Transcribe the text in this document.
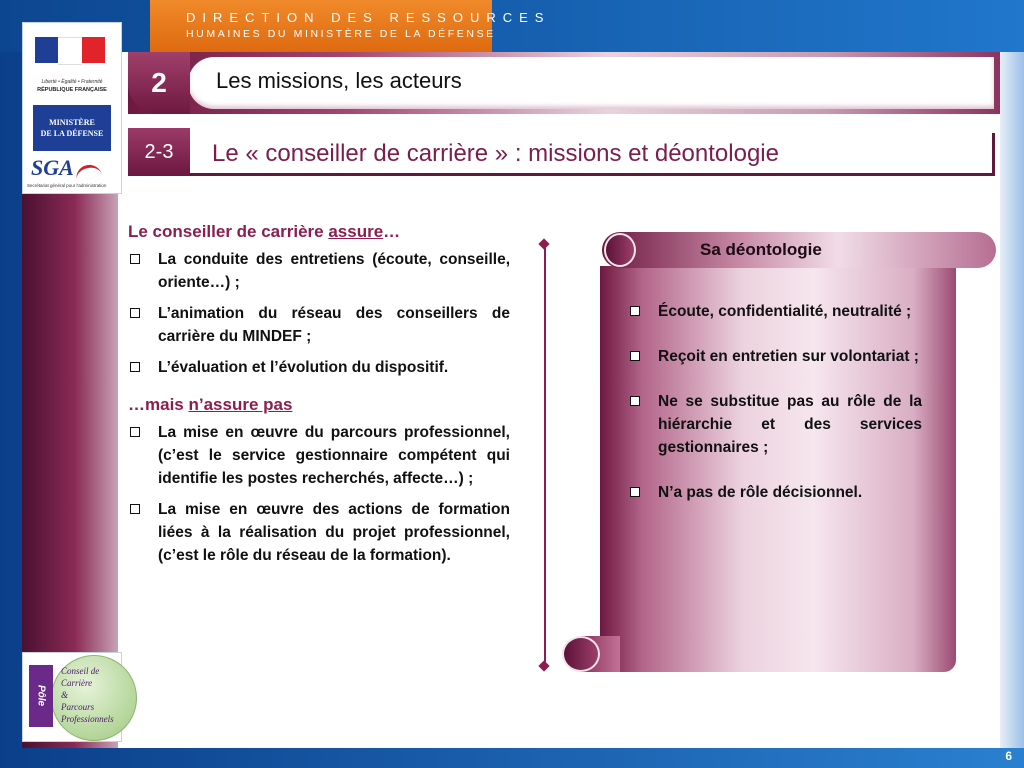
DIRECTION DES RESSOURCES
HUMAINES DU MINISTÈRE DE LA DÉFENSE
Liberté • Égalité • Fraternité
RÉPUBLIQUE FRANÇAISE
MINISTÈRE
DE LA DÉFENSE
SGA
Secrétariat général pour l'administration
2	Les missions, les acteurs
2-3	Le « conseiller de carrière » : missions et déontologie
Le conseiller de carrière assure…
La conduite des entretiens (écoute, conseille, oriente…) ;
L’animation du réseau des conseillers de carrière du MINDEF ;
L’évaluation et l’évolution du dispositif.
…mais n’assure pas
La mise en œuvre du parcours professionnel, (c’est le service gestionnaire compétent qui identifie les postes recherchés, affecte…) ;
La mise en œuvre des actions de formation liées à la réalisation du projet professionnel, (c’est le rôle du réseau de la formation).
Sa déontologie
Écoute, confidentialité, neutralité ;
Reçoit en entretien sur volontariat ;
Ne se substitue pas au rôle de la hiérarchie et des services gestionnaires ;
N’a pas de rôle décisionnel.
Pôle
Conseil de
Carrière
&
Parcours
Professionnels
6
